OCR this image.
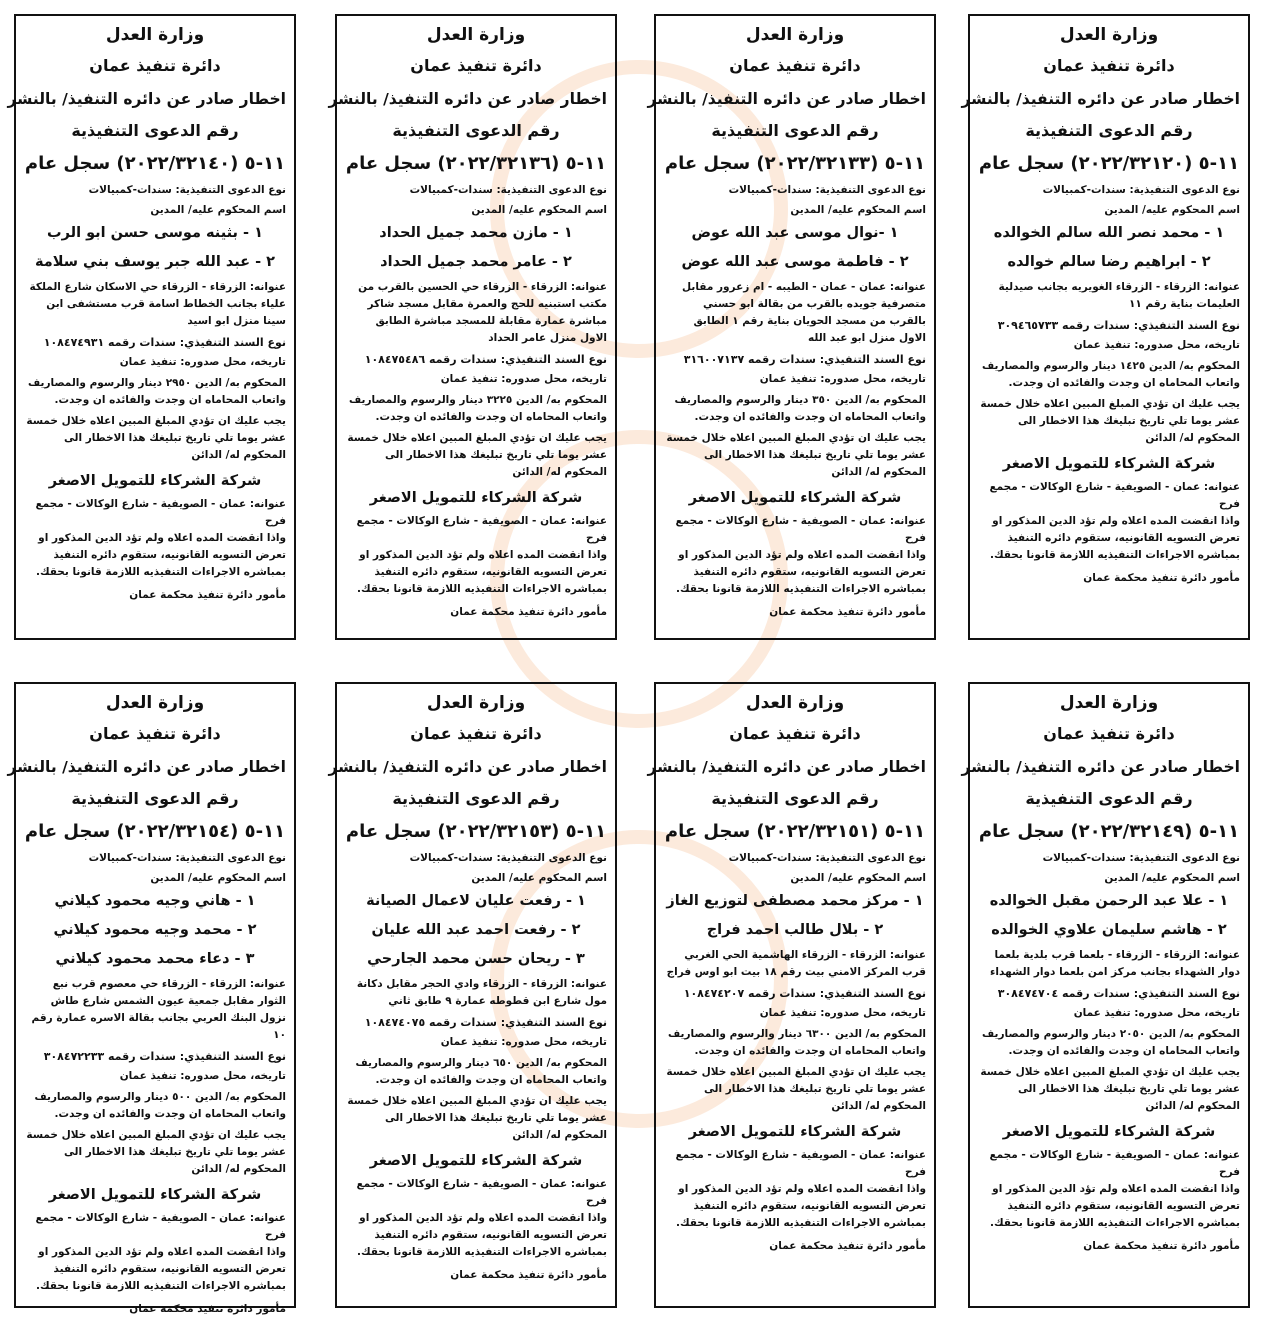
وزارة العدل
دائرة تنفيذ عمان
اخطار صادر عن دائره التنفيذ/ بالنشر
رقم الدعوى التنفيذية
١١-٥ (٢٠٢٢/٣٢١٢٠) سجل عام
نوع الدعوى التنفيذية: سندات-كمبيالات
اسم المحكوم عليه/ المدين
١ - محمد نصر الله سالم الخوالده
٢ - ابراهيم رضا سالم خوالده
عنوانه: الزرقاء - الزرقاء الغويريه بجانب صيدلية العليمات بناية رقم ١١
نوع السند التنفيذي: سندات رقمه ٣٠٩٤٦٥٧٣٣
تاريخه، محل صدوره: تنفيذ عمان
المحكوم به/ الدين ١٤٢٥ دينار والرسوم والمصاريف واتعاب المحاماه ان وجدت والفائده ان وجدت.
يجب عليك ان تؤدي المبلغ المبين اعلاه خلال خمسة عشر يوما تلي تاريخ تبليغك هذا الاخطار الى المحكوم له/ الدائن
شركة الشركاء للتمويل الاصغر
عنوانه: عمان - الصويفية - شارع الوكالات - مجمع فرح
واذا انقضت المده اعلاه ولم تؤد الدين المذكور او تعرض التسويه القانونيه، ستقوم دائره التنفيذ بمباشره الاجراءات التنفيذيه اللازمة قانونا بحقك.
مأمور دائرة تنفيذ محكمة عمان
وزارة العدل
دائرة تنفيذ عمان
اخطار صادر عن دائره التنفيذ/ بالنشر
رقم الدعوى التنفيذية
١١-٥ (٢٠٢٢/٣٢١٣٣) سجل عام
نوع الدعوى التنفيذية: سندات-كمبيالات
اسم المحكوم عليه/ المدين
١ -نوال موسى عبد الله عوض
٢ - فاطمة موسى عبد الله عوض
عنوانه: عمان - عمان - الطيبه - ام زعرور مقابل متصرفية جويده بالقرب من بقالة ابو حسني بالقرب من مسجد الحويان بناية رقم ١ الطابق الاول منزل ابو عبد الله
نوع السند التنفيذي: سندات رقمه ٣١٦٠٠٧١٣٧
تاريخه، محل صدوره: تنفيذ عمان
المحكوم به/ الدين ٣٥٠ دينار والرسوم والمصاريف واتعاب المحاماه ان وجدت والفائده ان وجدت.
يجب عليك ان تؤدي المبلغ المبين اعلاه خلال خمسة عشر يوما تلي تاريخ تبليغك هذا الاخطار الى المحكوم له/ الدائن
شركة الشركاء للتمويل الاصغر
عنوانه: عمان - الصويفية - شارع الوكالات - مجمع فرح
واذا انقضت المده اعلاه ولم تؤد الدين المذكور او تعرض التسويه القانونيه، ستقوم دائره التنفيذ بمباشره الاجراءات التنفيذيه اللازمة قانونا بحقك.
مأمور دائرة تنفيذ محكمة عمان
وزارة العدل
دائرة تنفيذ عمان
اخطار صادر عن دائره التنفيذ/ بالنشر
رقم الدعوى التنفيذية
١١-٥ (٢٠٢٢/٣٢١٣٦) سجل عام
نوع الدعوى التنفيذية: سندات-كمبيالات
اسم المحكوم عليه/ المدين
١ - مازن محمد جميل الحداد
٢ - عامر محمد جميل الحداد
عنوانه: الزرقاء - الزرقاء حي الحسين بالقرب من مكتب استبنيه للحج والعمرة مقابل مسجد شاكر مباشرة عمارة مقابلة للمسجد مباشرة الطابق الاول منزل عامر الحداد
نوع السند التنفيذي: سندات رقمه ١٠٨٤٧٥٤٨٦
تاريخه، محل صدوره: تنفيذ عمان
المحكوم به/ الدين ٣٢٢٥ دينار والرسوم والمصاريف واتعاب المحاماه ان وجدت والفائده ان وجدت.
يجب عليك ان تؤدي المبلغ المبين اعلاه خلال خمسة عشر يوما تلي تاريخ تبليغك هذا الاخطار الى المحكوم له/ الدائن
شركة الشركاء للتمويل الاصغر
عنوانه: عمان - الصويفية - شارع الوكالات - مجمع فرح
واذا انقضت المده اعلاه ولم تؤد الدين المذكور او تعرض التسويه القانونيه، ستقوم دائره التنفيذ بمباشره الاجراءات التنفيذيه اللازمة قانونا بحقك.
مأمور دائرة تنفيذ محكمة عمان
وزارة العدل
دائرة تنفيذ عمان
اخطار صادر عن دائره التنفيذ/ بالنشر
رقم الدعوى التنفيذية
١١-٥ (٢٠٢٢/٣٢١٤٠) سجل عام
نوع الدعوى التنفيذية: سندات-كمبيالات
اسم المحكوم عليه/ المدين
١ - بثينه موسى حسن ابو الرب
٢ - عبد الله جبر يوسف بني سلامة
عنوانه: الزرقاء - الزرقاء حي الاسكان شارع الملكة علياء بجانب الخطاط اسامة قرب مستشفى ابن سينا منزل ابو اسيد
نوع السند التنفيذي: سندات رقمه ١٠٨٤٧٤٩٣١
تاريخه، محل صدوره: تنفيذ عمان
المحكوم به/ الدين ٢٩٥٠ دينار والرسوم والمصاريف واتعاب المحاماه ان وجدت والفائده ان وجدت.
يجب عليك ان تؤدي المبلغ المبين اعلاه خلال خمسة عشر يوما تلي تاريخ تبليغك هذا الاخطار الى المحكوم له/ الدائن
شركة الشركاء للتمويل الاصغر
عنوانه: عمان - الصويفية - شارع الوكالات - مجمع فرح
واذا انقضت المده اعلاه ولم تؤد الدين المذكور او تعرض التسويه القانونيه، ستقوم دائره التنفيذ بمباشره الاجراءات التنفيذيه اللازمة قانونا بحقك.
مأمور دائرة تنفيذ محكمة عمان
وزارة العدل
دائرة تنفيذ عمان
اخطار صادر عن دائره التنفيذ/ بالنشر
رقم الدعوى التنفيذية
١١-٥ (٢٠٢٢/٣٢١٤٩) سجل عام
نوع الدعوى التنفيذية: سندات-كمبيالات
اسم المحكوم عليه/ المدين
١ - علا عبد الرحمن مقبل الخوالده
٢ - هاشم سليمان علاوي الخوالده
عنوانه: الزرقاء - الزرقاء - بلعما قرب بلدية بلعما دوار الشهداء بجانب مركز امن بلعما دوار الشهداء
نوع السند التنفيذي: سندات رقمه ٣٠٨٤٧٤٧٠٤
تاريخه، محل صدوره: تنفيذ عمان
المحكوم به/ الدين ٢٠٥٠ دينار والرسوم والمصاريف واتعاب المحاماه ان وجدت والفائده ان وجدت.
يجب عليك ان تؤدي المبلغ المبين اعلاه خلال خمسة عشر يوما تلي تاريخ تبليغك هذا الاخطار الى المحكوم له/ الدائن
شركة الشركاء للتمويل الاصغر
عنوانه: عمان - الصويفية - شارع الوكالات - مجمع فرح
واذا انقضت المده اعلاه ولم تؤد الدين المذكور او تعرض التسويه القانونيه، ستقوم دائره التنفيذ بمباشره الاجراءات التنفيذيه اللازمة قانونا بحقك.
مأمور دائرة تنفيذ محكمة عمان
وزارة العدل
دائرة تنفيذ عمان
اخطار صادر عن دائره التنفيذ/ بالنشر
رقم الدعوى التنفيذية
١١-٥ (٢٠٢٢/٣٢١٥١) سجل عام
نوع الدعوى التنفيذية: سندات-كمبيالات
اسم المحكوم عليه/ المدين
١ - مركز محمد مصطفى لتوزيع الغاز
٢ - بلال طالب احمد فراج
عنوانه: الزرقاء - الزرقاء الهاشمية الحي الغربي قرب المركز الامني بيت رقم ١٨ بيت ابو اوس فراج
نوع السند التنفيذي: سندات رقمه ١٠٨٤٧٤٢٠٧
تاريخه، محل صدوره: تنفيذ عمان
المحكوم به/ الدين ٦٣٠٠ دينار والرسوم والمصاريف واتعاب المحاماه ان وجدت والفائده ان وجدت.
يجب عليك ان تؤدي المبلغ المبين اعلاه خلال خمسة عشر يوما تلي تاريخ تبليغك هذا الاخطار الى المحكوم له/ الدائن
شركة الشركاء للتمويل الاصغر
عنوانه: عمان - الصويفية - شارع الوكالات - مجمع فرح
واذا انقضت المده اعلاه ولم تؤد الدين المذكور او تعرض التسويه القانونيه، ستقوم دائره التنفيذ بمباشره الاجراءات التنفيذيه اللازمة قانونا بحقك.
مأمور دائرة تنفيذ محكمة عمان
وزارة العدل
دائرة تنفيذ عمان
اخطار صادر عن دائره التنفيذ/ بالنشر
رقم الدعوى التنفيذية
١١-٥ (٢٠٢٢/٣٢١٥٣) سجل عام
نوع الدعوى التنفيذية: سندات-كمبيالات
اسم المحكوم عليه/ المدين
١ - رفعت عليان لاعمال الصيانة
٢ - رفعت احمد عبد الله عليان
٣ - ريحان حسن محمد الجارحي
عنوانه: الزرقاء - الزرقاء وادي الحجر مقابل دكانة مول شارع ابن قطوطه عمارة ٩ طابق ثاني
نوع السند التنفيذي: سندات رقمه ١٠٨٤٧٤٠٧٥
تاريخه، محل صدوره: تنفيذ عمان
المحكوم به/ الدين ٦٥٠ دينار والرسوم والمصاريف واتعاب المحاماه ان وجدت والفائده ان وجدت.
يجب عليك ان تؤدي المبلغ المبين اعلاه خلال خمسة عشر يوما تلي تاريخ تبليغك هذا الاخطار الى المحكوم له/ الدائن
شركة الشركاء للتمويل الاصغر
عنوانه: عمان - الصويفية - شارع الوكالات - مجمع فرح
واذا انقضت المده اعلاه ولم تؤد الدين المذكور او تعرض التسويه القانونيه، ستقوم دائره التنفيذ بمباشره الاجراءات التنفيذيه اللازمة قانونا بحقك.
مأمور دائرة تنفيذ محكمة عمان
وزارة العدل
دائرة تنفيذ عمان
اخطار صادر عن دائره التنفيذ/ بالنشر
رقم الدعوى التنفيذية
١١-٥ (٢٠٢٢/٣٢١٥٤) سجل عام
نوع الدعوى التنفيذية: سندات-كمبيالات
اسم المحكوم عليه/ المدين
١ - هاني وجيه محمود كيلاني
٢ - محمد وجيه محمود كيلاني
٣ - دعاء محمد محمود كيلاني
عنوانه: الزرقاء - الزرقاء حي معصوم قرب نبع الثوار مقابل جمعية عيون الشمس شارع طاش نزول البنك العربي بجانب بقالة الاسره عمارة رقم ١٠
نوع السند التنفيذي: سندات رقمه ٣٠٨٤٧٢٢٣٣
تاريخه، محل صدوره: تنفيذ عمان
المحكوم به/ الدين ٥٠٠ دينار والرسوم والمصاريف واتعاب المحاماه ان وجدت والفائده ان وجدت.
يجب عليك ان تؤدي المبلغ المبين اعلاه خلال خمسة عشر يوما تلي تاريخ تبليغك هذا الاخطار الى المحكوم له/ الدائن
شركة الشركاء للتمويل الاصغر
عنوانه: عمان - الصويفية - شارع الوكالات - مجمع فرح
واذا انقضت المده اعلاه ولم تؤد الدين المذكور او تعرض التسويه القانونيه، ستقوم دائره التنفيذ بمباشره الاجراءات التنفيذيه اللازمة قانونا بحقك.
مأمور دائرة تنفيذ محكمة عمان
